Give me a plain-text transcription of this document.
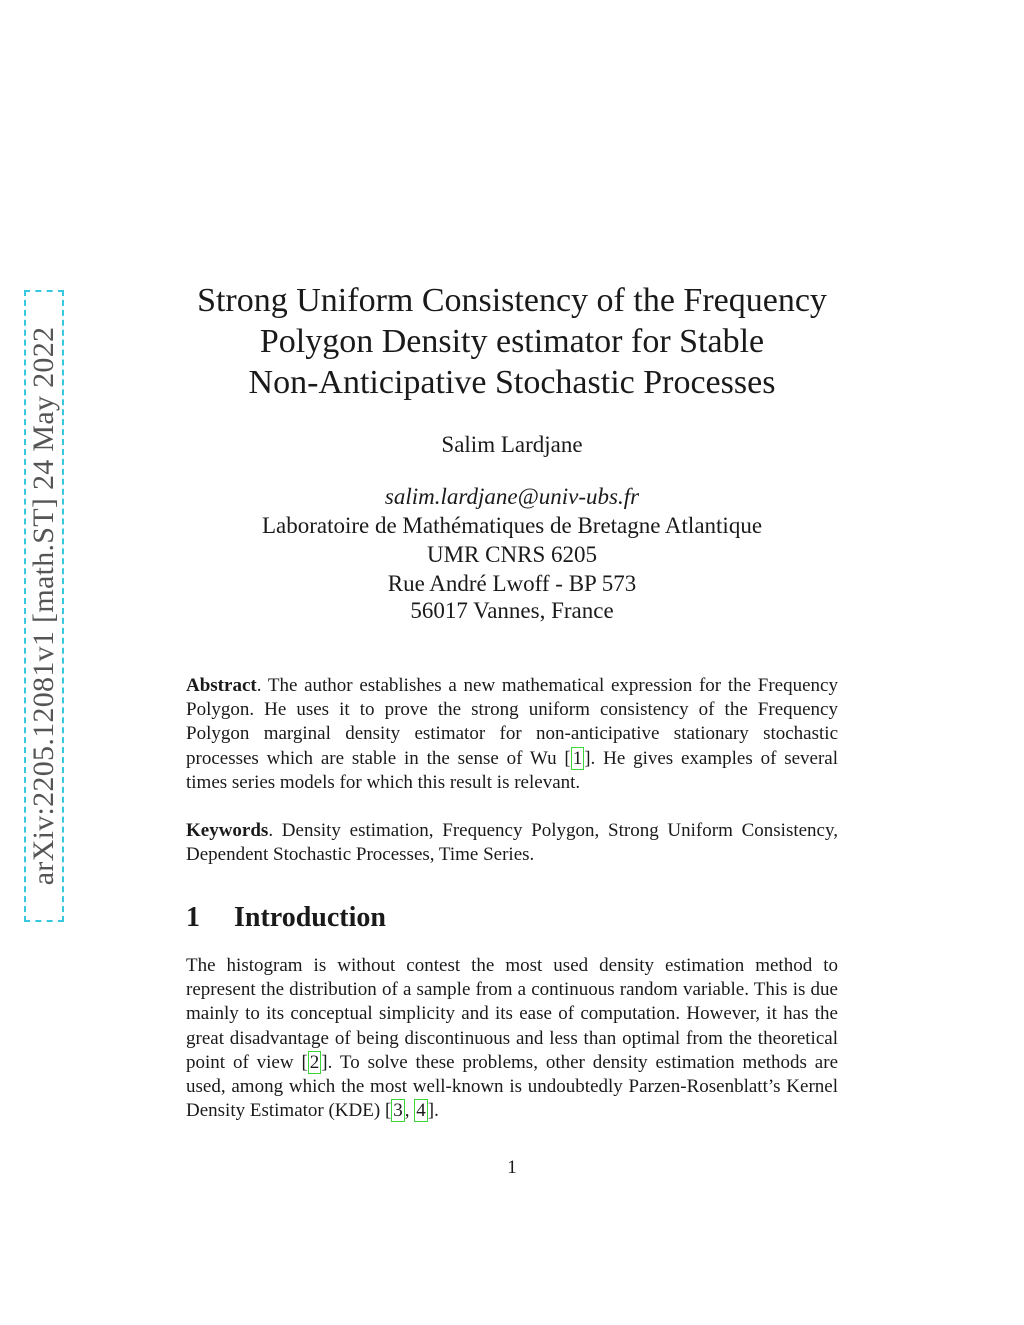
arXiv:2205.12081v1 [math.ST] 24 May 2022
Strong Uniform Consistency of the Frequency
Polygon Density estimator for Stable
Non-Anticipative Stochastic Processes
Salim Lardjane
salim.lardjane@univ-ubs.fr
Laboratoire de Mathématiques de Bretagne Atlantique
UMR CNRS 6205
Rue André Lwoff - BP 573
56017 Vannes, France
Abstract. The author establishes a new mathematical expression for the Frequency Polygon. He uses it to prove the strong uniform consistency of the Frequency Polygon marginal density estimator for non-anticipative stationary stochastic processes which are stable in the sense of Wu [ 1 ]. He gives examples of several times series models for which this result is relevant.
Keywords. Density estimation, Frequency Polygon, Strong Uniform Consistency, Dependent Stochastic Processes, Time Series.
1 Introduction
The histogram is without contest the most used density estimation method to represent the distribution of a sample from a continuous random variable. This is due mainly to its conceptual simplicity and its ease of computation. However, it has the great disadvantage of being discontinuous and less than optimal from the theoretical point of view [ 2 ]. To solve these problems, other density estimation methods are used, among which the most well-known is undoubtedly Parzen-Rosenblatt’s Kernel Density Estimator (KDE) [ 3 , 4 ].
1
